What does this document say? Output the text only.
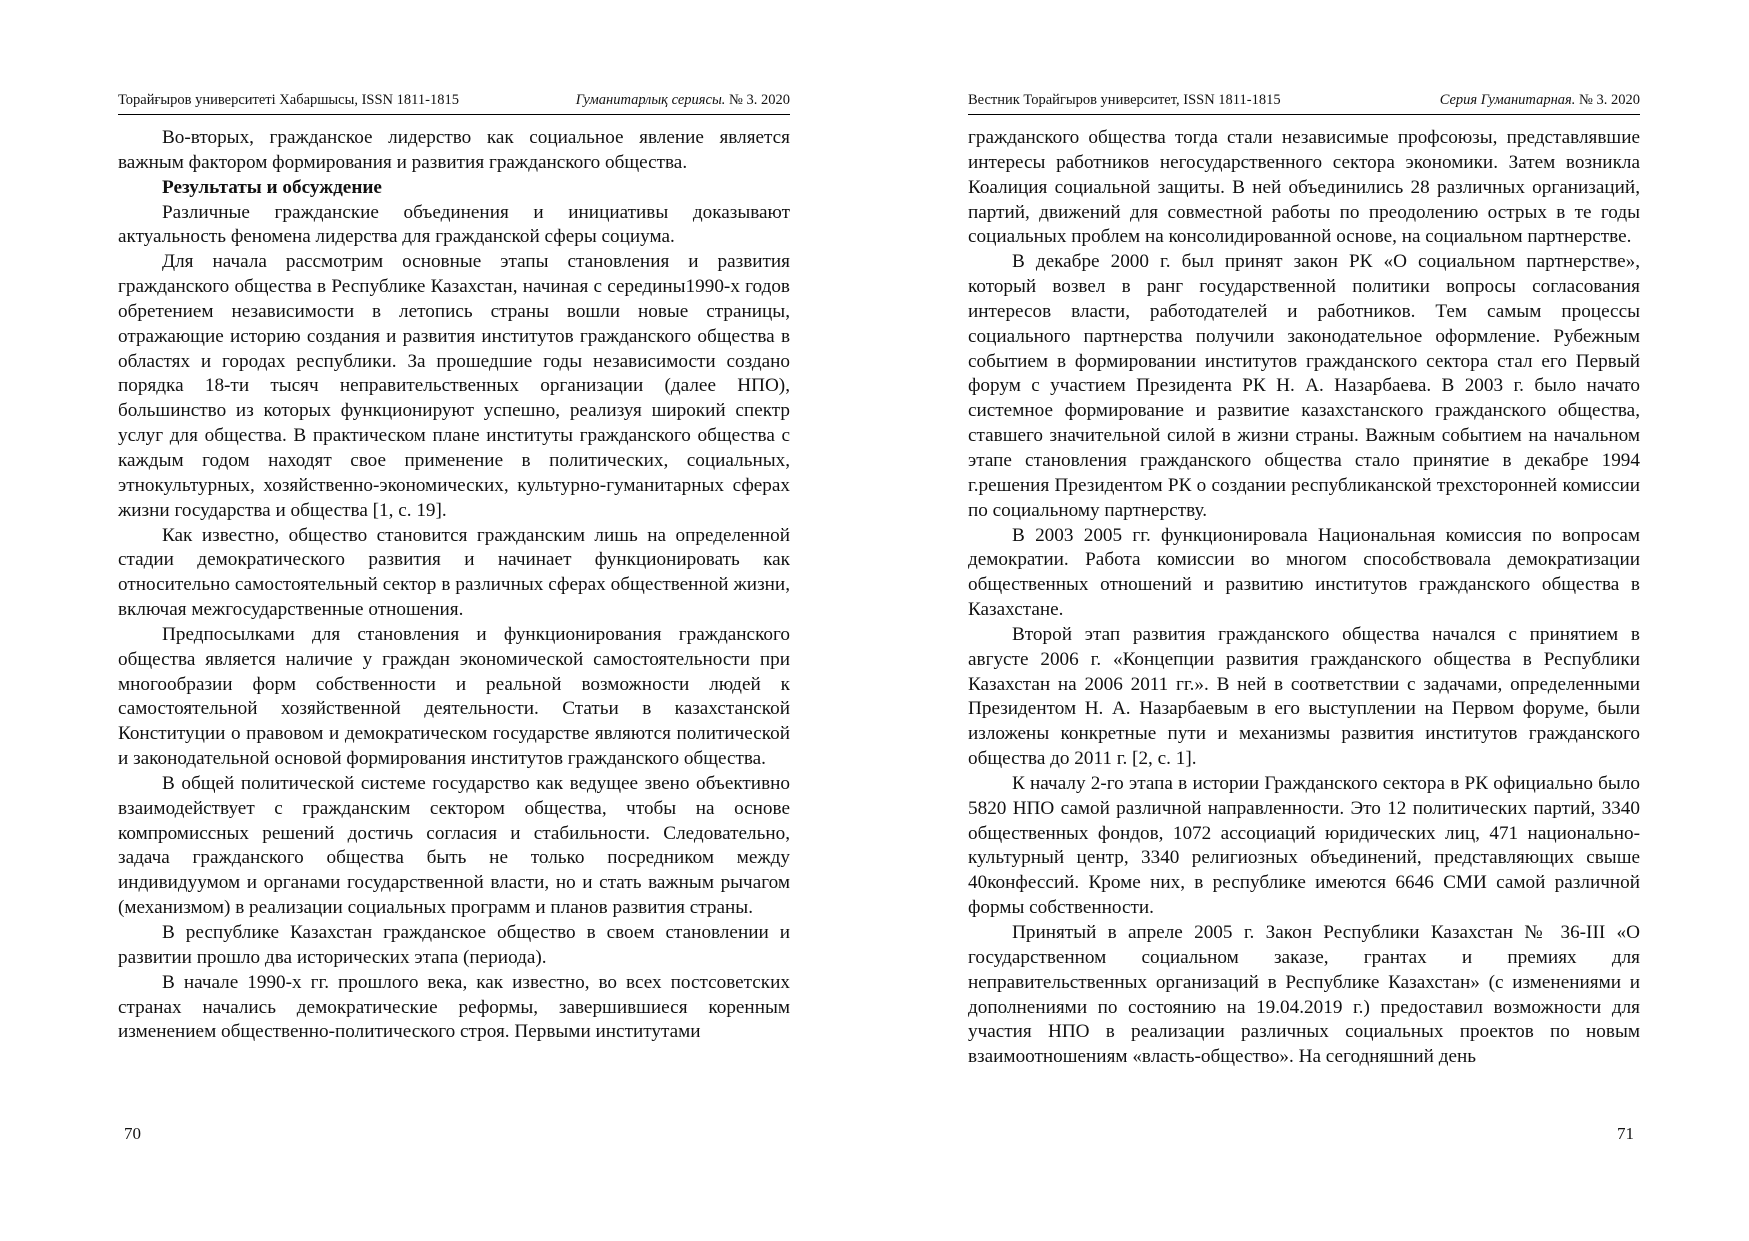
Торайғыров университеті Хабаршысы, ISSN 1811-1815	Гуманитарлық сериясы. № 3. 2020

Во-вторых, гражданское лидерство как социальное явление является важным фактором формирования и развития гражданского общества.

Результаты и обсуждение

Различные гражданские объединения и инициативы доказывают актуальность феномена лидерства для гражданской сферы социума.

Для начала рассмотрим основные этапы становления и развития гражданского общества в Республике Казахстан, начиная с середины1990-х годов обретением независимости в летопись страны вошли новые страницы, отражающие историю создания и развития институтов гражданского общества в областях и городах республики. За прошедшие годы независимости создано порядка 18-ти тысяч неправительственных организации (далее НПО), большинство из которых функционируют успешно, реализуя широкий спектр услуг для общества. В практическом плане институты гражданского общества с каждым годом находят свое применение в политических, социальных, этнокультурных, хозяйственно-экономических, культурно-гуманитарных сферах жизни государства и общества [1, с. 19].

Как известно, общество становится гражданским лишь на определенной стадии демократического развития и начинает функционировать как относительно самостоятельный сектор в различных сферах общественной жизни, включая межгосударственные отношения.

Предпосылками для становления и функционирования гражданского общества является наличие у граждан экономической самостоятельности при многообразии форм собственности и реальной возможности людей к самостоятельной хозяйственной деятельности. Статьи в казахстанской Конституции о правовом и демократическом государстве являются политической и законодательной основой формирования институтов гражданского общества.

В общей политической системе государство как ведущее звено объективно взаимодействует с гражданским сектором общества, чтобы на основе компромиссных решений достичь согласия и стабильности. Следовательно, задача гражданского общества быть не только посредником между индивидуумом и органами государственной власти, но и стать важным рычагом (механизмом) в реализации социальных программ и планов развития страны.

В республике Казахстан гражданское общество в своем становлении и развитии прошло два исторических этапа (периода).

В начале 1990-х гг. прошлого века, как известно, во всех постсоветских странах начались демократические реформы, завершившиеся коренным изменением общественно-политического строя. Первыми институтами

70
Вестник Торайгыров университет, ISSN 1811-1815	Серия Гуманитарная. № 3. 2020

гражданского общества тогда стали независимые профсоюзы, представлявшие интересы работников негосударственного сектора экономики. Затем возникла Коалиция социальной защиты. В ней объединились 28 различных организаций, партий, движений для совместной работы по преодолению острых в те годы социальных проблем на консолидированной основе, на социальном партнерстве.

В декабре 2000 г. был принят закон РК «О социальном партнерстве», который возвел в ранг государственной политики вопросы согласования интересов власти, работодателей и работников. Тем самым процессы социального партнерства получили законодательное оформление. Рубежным событием в формировании институтов гражданского сектора стал его Первый форум с участием Президента РК Н. А. Назарбаева. В 2003 г. было начато системное формирование и развитие казахстанского гражданского общества, ставшего значительной силой в жизни страны. Важным событием на начальном этапе становления гражданского общества стало принятие в декабре 1994 г.решения Президентом РК о создании республиканской трехсторонней комиссии по социальному партнерству.

В 2003 2005 гг. функционировала Национальная комиссия по вопросам демократии. Работа комиссии во многом способствовала демократизации общественных отношений и развитию институтов гражданского общества в Казахстане.

Второй этап развития гражданского общества начался с принятием в августе 2006 г. «Концепции развития гражданского общества в Республики Казахстан на 2006 2011 гг.». В ней в соответствии с задачами, определенными Президентом Н. А. Назарбаевым в его выступлении на Первом форуме, были изложены конкретные пути и механизмы развития институтов гражданского общества до 2011 г. [2, с. 1].

К началу 2-го этапа в истории Гражданского сектора в РК официально было 5820 НПО самой различной направленности. Это 12 политических партий, 3340 общественных фондов, 1072 ассоциаций юридических лиц, 471 национально-культурный центр, 3340 религиозных объединений, представляющих свыше 40конфессий. Кроме них, в республике имеются 6646 СМИ самой различной формы собственности.

Принятый в апреле 2005 г. Закон Республики Казахстан № 36-III «О государственном социальном заказе, грантах и премиях для неправительственных организаций в Республике Казахстан» (с изменениями и дополнениями по состоянию на 19.04.2019 г.) предоставил возможности для участия НПО в реализации различных социальных проектов по новым взаимоотношениям «власть-общество». На сегодняшний день

71
